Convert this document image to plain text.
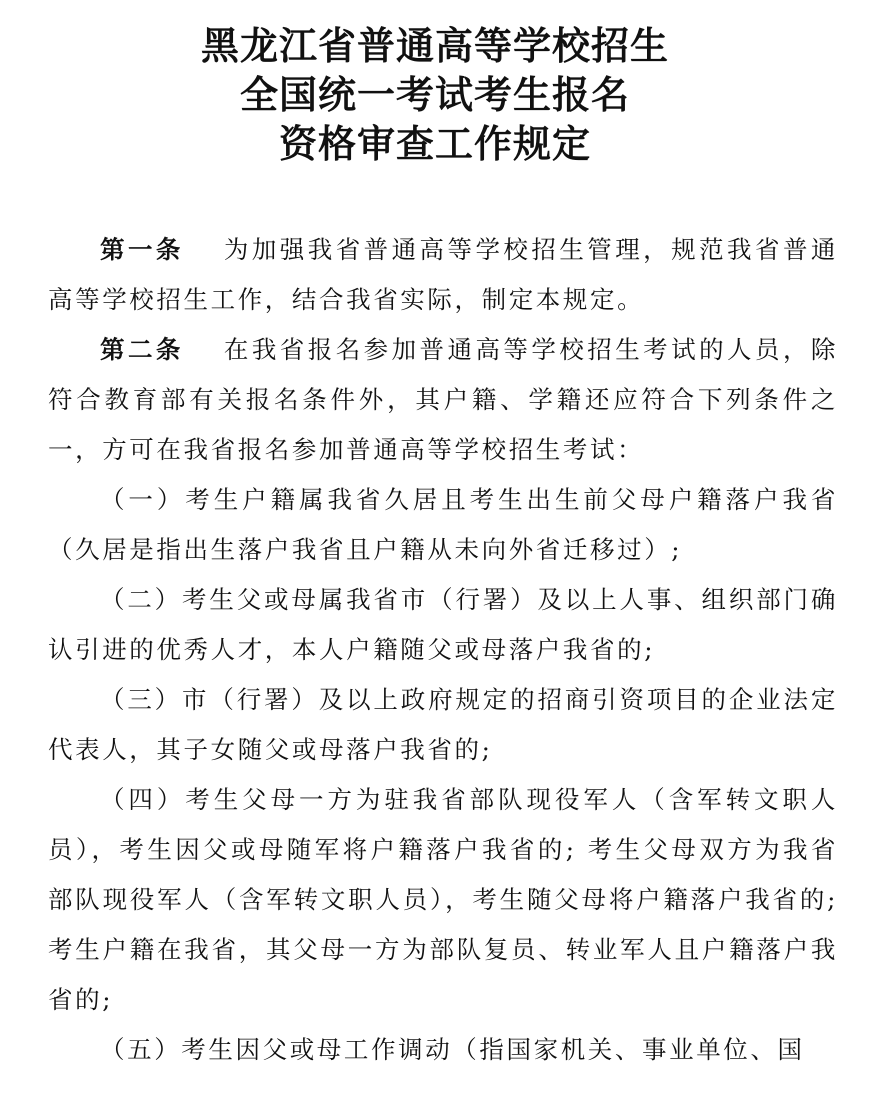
黑龙江省普通高等学校招生
全国统一考试考生报名
资格审查工作规定

第一条 为加强我省普通高等学校招生管理，规范我省普通高等学校招生工作，结合我省实际，制定本规定。

第二条 在我省报名参加普通高等学校招生考试的人员，除符合教育部有关报名条件外，其户籍、学籍还应符合下列条件之一，方可在我省报名参加普通高等学校招生考试：

（一）考生户籍属我省久居且考生出生前父母户籍落户我省（久居是指出生落户我省且户籍从未向外省迁移过）;

（二）考生父或母属我省市（行署）及以上人事、组织部门确认引进的优秀人才，本人户籍随父或母落户我省的;

（三）市（行署）及以上政府规定的招商引资项目的企业法定代表人，其子女随父或母落户我省的;

（四）考生父母一方为驻我省部队现役军人（含军转文职人员），考生因父或母随军将户籍落户我省的; 考生父母双方为我省部队现役军人（含军转文职人员），考生随父母将户籍落户我省的; 考生户籍在我省，其父母一方为部队复员、转业军人且户籍落户我省的;

（五）考生因父或母工作调动（指国家机关、事业单位、国
